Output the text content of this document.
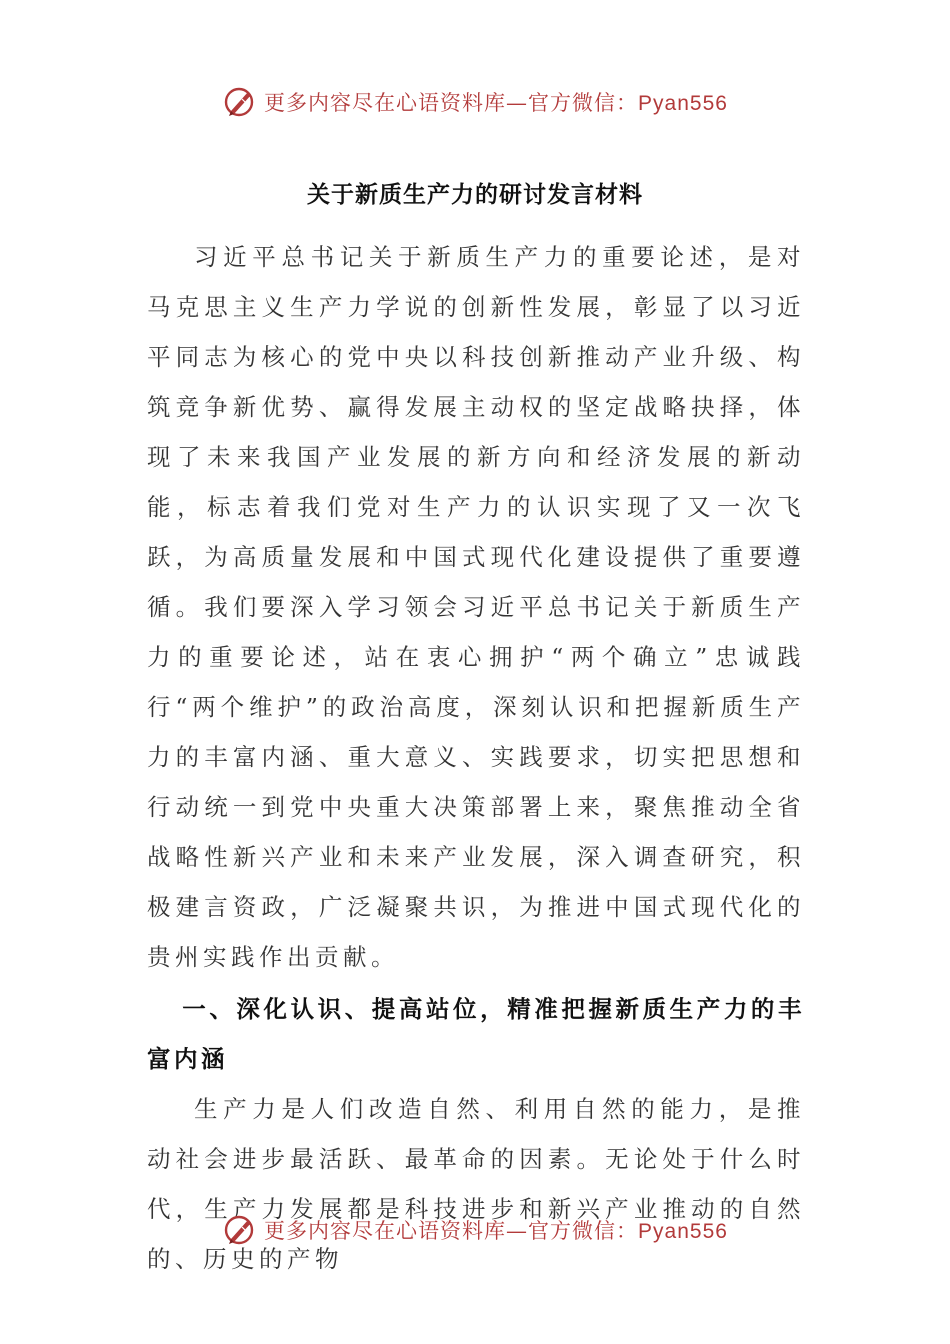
更多内容尽在心语资料库—官方微信：Pyan556
关于新质生产力的研讨发言材料

习近平总书记关于新质生产力的重要论述，是对马克思主义生产力学说的创新性发展，彰显了以习近平同志为核心的党中央以科技创新推动产业升级、构筑竞争新优势、赢得发展主动权的坚定战略抉择，体现了未来我国产业发展的新方向和经济发展的新动能，标志着我们党对生产力的认识实现了又一次飞跃，为高质量发展和中国式现代化建设提供了重要遵循。我们要深入学习领会习近平总书记关于新质生产力的重要论述，站在衷心拥护“两个确立”忠诚践行“两个维护”的政治高度，深刻认识和把握新质生产力的丰富内涵、重大意义、实践要求，切实把思想和行动统一到党中央重大决策部署上来，聚焦推动全省战略性新兴产业和未来产业发展，深入调查研究，积极建言资政，广泛凝聚共识，为推进中国式现代化的贵州实践作出贡献。

一、深化认识、提高站位，精准把握新质生产力的丰富内涵

生产力是人们改造自然、利用自然的能力，是推动社会进步最活跃、最革命的因素。无论处于什么时代，生产力发展都是科技进步和新兴产业推动的自然的、历史的产物

更多内容尽在心语资料库—官方微信：Pyan556
